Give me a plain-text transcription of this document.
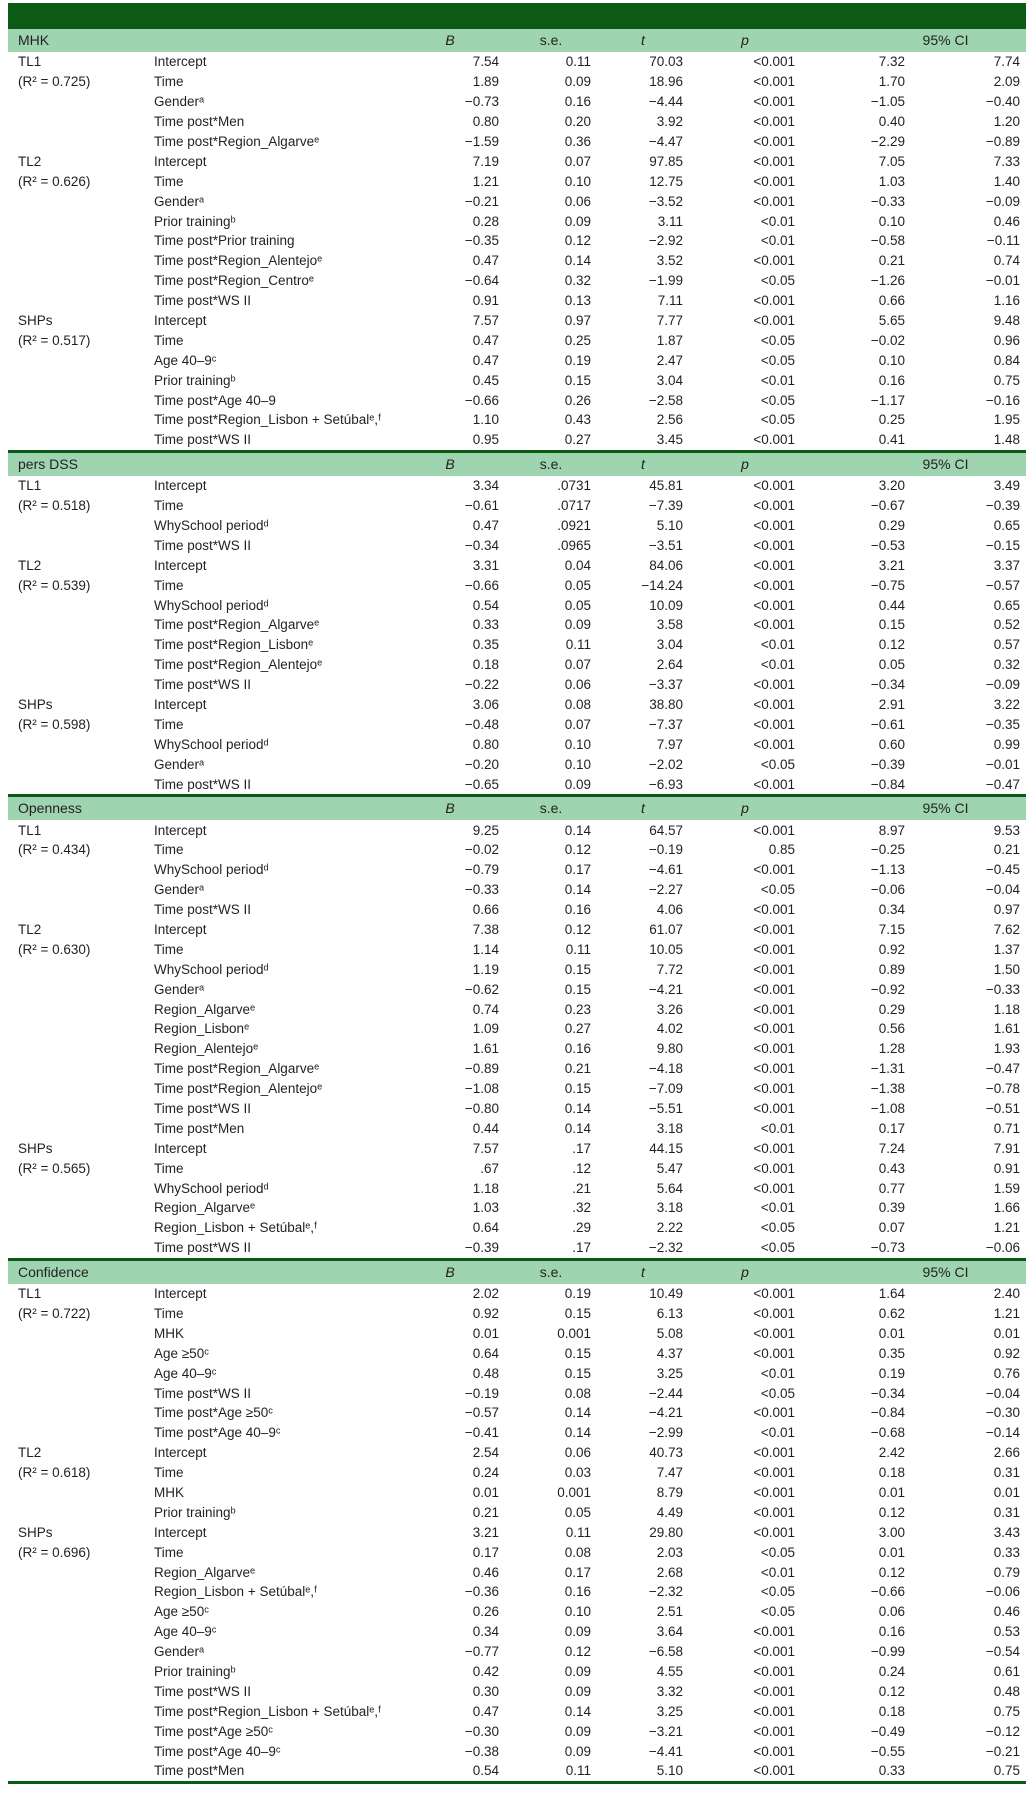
MHK		B	s.e.	t	p	95% CI	
TL1	Intercept	7.54	0.11	70.03	<0.001	7.32	7.74
(R² = 0.725)	Time	1.89	0.09	18.96	<0.001	1.70	2.09
	Genderᵃ	−0.73	0.16	−4.44	<0.001	−1.05	−0.40
	Time post*Men	0.80	0.20	3.92	<0.001	0.40	1.20
	Time post*Region_Algarveᵉ	−1.59	0.36	−4.47	<0.001	−2.29	−0.89
TL2	Intercept	7.19	0.07	97.85	<0.001	7.05	7.33
(R² = 0.626)	Time	1.21	0.10	12.75	<0.001	1.03	1.40
	Genderᵃ	−0.21	0.06	−3.52	<0.001	−0.33	−0.09
	Prior trainingᵇ	0.28	0.09	3.11	<0.01	0.10	0.46
	Time post*Prior training	−0.35	0.12	−2.92	<0.01	−0.58	−0.11
	Time post*Region_Alentejoᵉ	0.47	0.14	3.52	<0.001	0.21	0.74
	Time post*Region_Centroᵉ	−0.64	0.32	−1.99	<0.05	−1.26	−0.01
	Time post*WS II	0.91	0.13	7.11	<0.001	0.66	1.16
SHPs	Intercept	7.57	0.97	7.77	<0.001	5.65	9.48
(R² = 0.517)	Time	0.47	0.25	1.87	<0.05	−0.02	0.96
	Age 40–9ᶜ	0.47	0.19	2.47	<0.05	0.10	0.84
	Prior trainingᵇ	0.45	0.15	3.04	<0.01	0.16	0.75
	Time post*Age 40–9	−0.66	0.26	−2.58	<0.05	−1.17	−0.16
	Time post*Region_Lisbon + Setúbalᵉ,ᶠ	1.10	0.43	2.56	<0.05	0.25	1.95
	Time post*WS II	0.95	0.27	3.45	<0.001	0.41	1.48
pers DSS		B	s.e.	t	p	95% CI	
TL1	Intercept	3.34	.0731	45.81	<0.001	3.20	3.49
(R² = 0.518)	Time	−0.61	.0717	−7.39	<0.001	−0.67	−0.39
	WhySchool periodᵈ	0.47	.0921	5.10	<0.001	0.29	0.65
	Time post*WS II	−0.34	.0965	−3.51	<0.001	−0.53	−0.15
TL2	Intercept	3.31	0.04	84.06	<0.001	3.21	3.37
(R² = 0.539)	Time	−0.66	0.05	−14.24	<0.001	−0.75	−0.57
	WhySchool periodᵈ	0.54	0.05	10.09	<0.001	0.44	0.65
	Time post*Region_Algarveᵉ	0.33	0.09	3.58	<0.001	0.15	0.52
	Time post*Region_Lisbonᵉ	0.35	0.11	3.04	<0.01	0.12	0.57
	Time post*Region_Alentejoᵉ	0.18	0.07	2.64	<0.01	0.05	0.32
	Time post*WS II	−0.22	0.06	−3.37	<0.001	−0.34	−0.09
SHPs	Intercept	3.06	0.08	38.80	<0.001	2.91	3.22
(R² = 0.598)	Time	−0.48	0.07	−7.37	<0.001	−0.61	−0.35
	WhySchool periodᵈ	0.80	0.10	7.97	<0.001	0.60	0.99
	Genderᵃ	−0.20	0.10	−2.02	<0.05	−0.39	−0.01
	Time post*WS II	−0.65	0.09	−6.93	<0.001	−0.84	−0.47
Openness		B	s.e.	t	p	95% CI	
TL1	Intercept	9.25	0.14	64.57	<0.001	8.97	9.53
(R² = 0.434)	Time	−0.02	0.12	−0.19	0.85	−0.25	0.21
	WhySchool periodᵈ	−0.79	0.17	−4.61	<0.001	−1.13	−0.45
	Genderᵃ	−0.33	0.14	−2.27	<0.05	−0.06	−0.04
	Time post*WS II	0.66	0.16	4.06	<0.001	0.34	0.97
TL2	Intercept	7.38	0.12	61.07	<0.001	7.15	7.62
(R² = 0.630)	Time	1.14	0.11	10.05	<0.001	0.92	1.37
	WhySchool periodᵈ	1.19	0.15	7.72	<0.001	0.89	1.50
	Genderᵃ	−0.62	0.15	−4.21	<0.001	−0.92	−0.33
	Region_Algarveᵉ	0.74	0.23	3.26	<0.001	0.29	1.18
	Region_Lisbonᵉ	1.09	0.27	4.02	<0.001	0.56	1.61
	Region_Alentejoᵉ	1.61	0.16	9.80	<0.001	1.28	1.93
	Time post*Region_Algarveᵉ	−0.89	0.21	−4.18	<0.001	−1.31	−0.47
	Time post*Region_Alentejoᵉ	−1.08	0.15	−7.09	<0.001	−1.38	−0.78
	Time post*WS II	−0.80	0.14	−5.51	<0.001	−1.08	−0.51
	Time post*Men	0.44	0.14	3.18	<0.01	0.17	0.71
SHPs	Intercept	7.57	.17	44.15	<0.001	7.24	7.91
(R² = 0.565)	Time	.67	.12	5.47	<0.001	0.43	0.91
	WhySchool periodᵈ	1.18	.21	5.64	<0.001	0.77	1.59
	Region_Algarveᵉ	1.03	.32	3.18	<0.01	0.39	1.66
	Region_Lisbon + Setúbalᵉ,ᶠ	0.64	.29	2.22	<0.05	0.07	1.21
	Time post*WS II	−0.39	.17	−2.32	<0.05	−0.73	−0.06
Confidence		B	s.e.	t	p	95% CI	
TL1	Intercept	2.02	0.19	10.49	<0.001	1.64	2.40
(R² = 0.722)	Time	0.92	0.15	6.13	<0.001	0.62	1.21
	MHK	0.01	0.001	5.08	<0.001	0.01	0.01
	Age ≥50ᶜ	0.64	0.15	4.37	<0.001	0.35	0.92
	Age 40–9ᶜ	0.48	0.15	3.25	<0.01	0.19	0.76
	Time post*WS II	−0.19	0.08	−2.44	<0.05	−0.34	−0.04
	Time post*Age ≥50ᶜ	−0.57	0.14	−4.21	<0.001	−0.84	−0.30
	Time post*Age 40–9ᶜ	−0.41	0.14	−2.99	<0.01	−0.68	−0.14
TL2	Intercept	2.54	0.06	40.73	<0.001	2.42	2.66
(R² = 0.618)	Time	0.24	0.03	7.47	<0.001	0.18	0.31
	MHK	0.01	0.001	8.79	<0.001	0.01	0.01
	Prior trainingᵇ	0.21	0.05	4.49	<0.001	0.12	0.31
SHPs	Intercept	3.21	0.11	29.80	<0.001	3.00	3.43
(R² = 0.696)	Time	0.17	0.08	2.03	<0.05	0.01	0.33
	Region_Algarveᵉ	0.46	0.17	2.68	<0.01	0.12	0.79
	Region_Lisbon + Setúbalᵉ,ᶠ	−0.36	0.16	−2.32	<0.05	−0.66	−0.06
	Age ≥50ᶜ	0.26	0.10	2.51	<0.05	0.06	0.46
	Age 40–9ᶜ	0.34	0.09	3.64	<0.001	0.16	0.53
	Genderᵃ	−0.77	0.12	−6.58	<0.001	−0.99	−0.54
	Prior trainingᵇ	0.42	0.09	4.55	<0.001	0.24	0.61
	Time post*WS II	0.30	0.09	3.32	<0.001	0.12	0.48
	Time post*Region_Lisbon + Setúbalᵉ,ᶠ	0.47	0.14	3.25	<0.001	0.18	0.75
	Time post*Age ≥50ᶜ	−0.30	0.09	−3.21	<0.001	−0.49	−0.12
	Time post*Age 40–9ᶜ	−0.38	0.09	−4.41	<0.001	−0.55	−0.21
	Time post*Men	0.54	0.11	5.10	<0.001	0.33	0.75
